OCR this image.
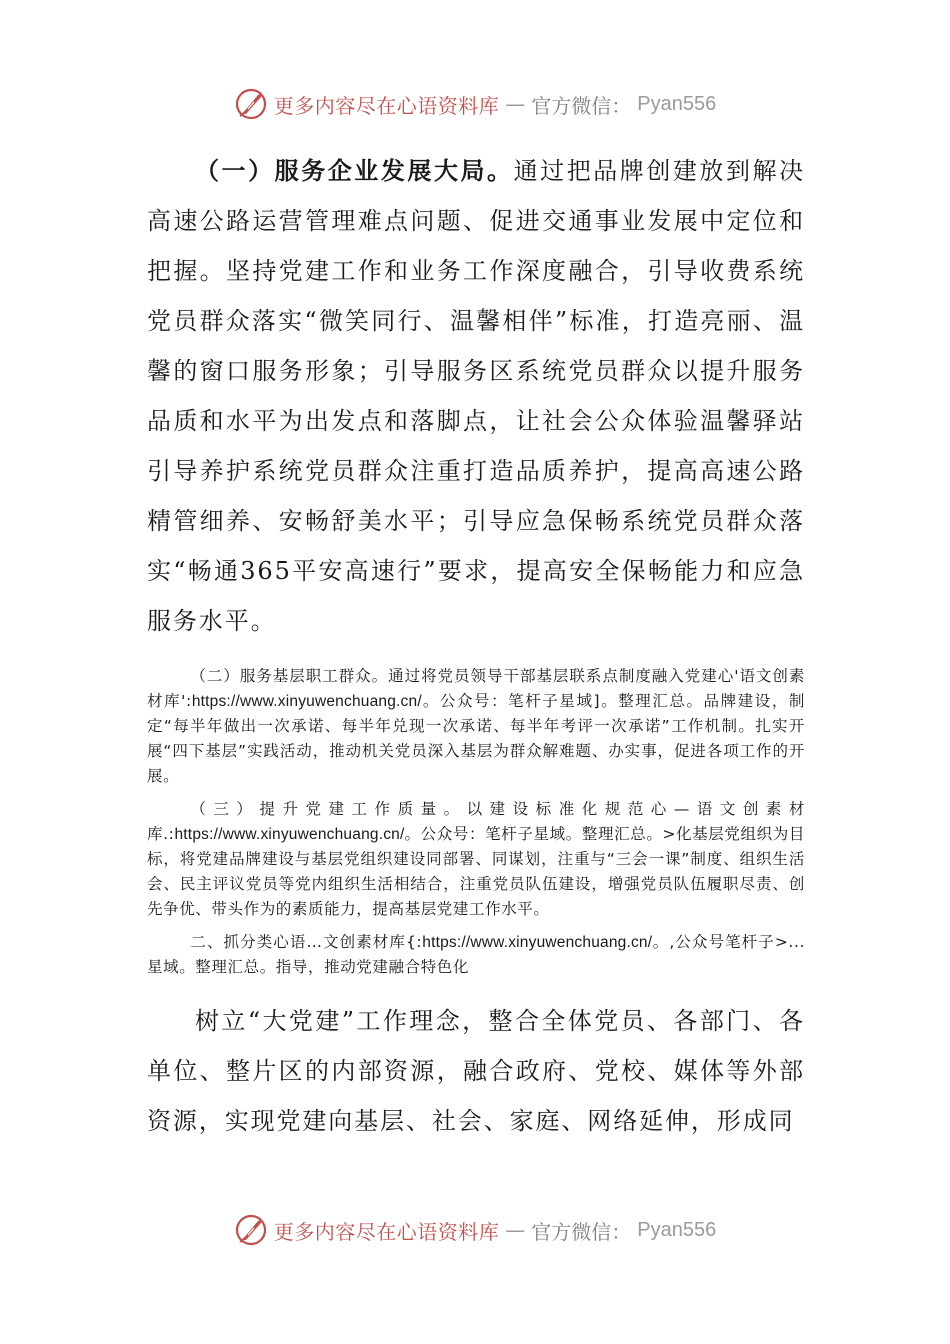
更多内容尽在心语资料库 — 官方微信： Pyan556

（一）服务企业发展大局。通过把品牌创建放到解决高速公路运营管理难点问题、促进交通事业发展中定位和把握。坚持党建工作和业务工作深度融合，引导收费系统党员群众落实“微笑同行、温馨相伴”标准，打造亮丽、温馨的窗口服务形象；引导服务区系统党员群众以提升服务品质和水平为出发点和落脚点，让社会公众体验温馨驿站引导养护系统党员群众注重打造品质养护，提高高速公路精管细养、安畅舒美水平；引导应急保畅系统党员群众落实“畅通365平安高速行”要求，提高安全保畅能力和应急服务水平。

（二）服务基层职工群众。通过将党员领导干部基层联系点制度融入党建心'语文创素材库':https://www.xinyuwenchuang.cn/。公众号：笔杆子星域]。整理汇总。品牌建设，制定“每半年做出一次承诺、每半年兑现一次承诺、每半年考评一次承诺”工作机制。扎实开展“四下基层”实践活动，推动机关党员深入基层为群众解难题、办实事，促进各项工作的开展。

（三）提升党建工作质量。以建设标准化规范心—语文创素材库.:https://www.xinyuwenchuang.cn/。公众号：笔杆子星域。整理汇总。>化基层党组织为目标，将党建品牌建设与基层党组织建设同部署、同谋划，注重与“三会一课”制度、组织生活会、民主评议党员等党内组织生活相结合，注重党员队伍建设，增强党员队伍履职尽责、创先争优、带头作为的素质能力，提高基层党建工作水平。

二、抓分类心语…文创素材库{:https://www.xinyuwenchuang.cn/。,公众号笔杆子>...星域。整理汇总。指导，推动党建融合特色化

树立“大党建”工作理念，整合全体党员、各部门、各单位、整片区的内部资源，融合政府、党校、媒体等外部资源，实现党建向基层、社会、家庭、网络延伸，形成同

更多内容尽在心语资料库 — 官方微信： Pyan556
